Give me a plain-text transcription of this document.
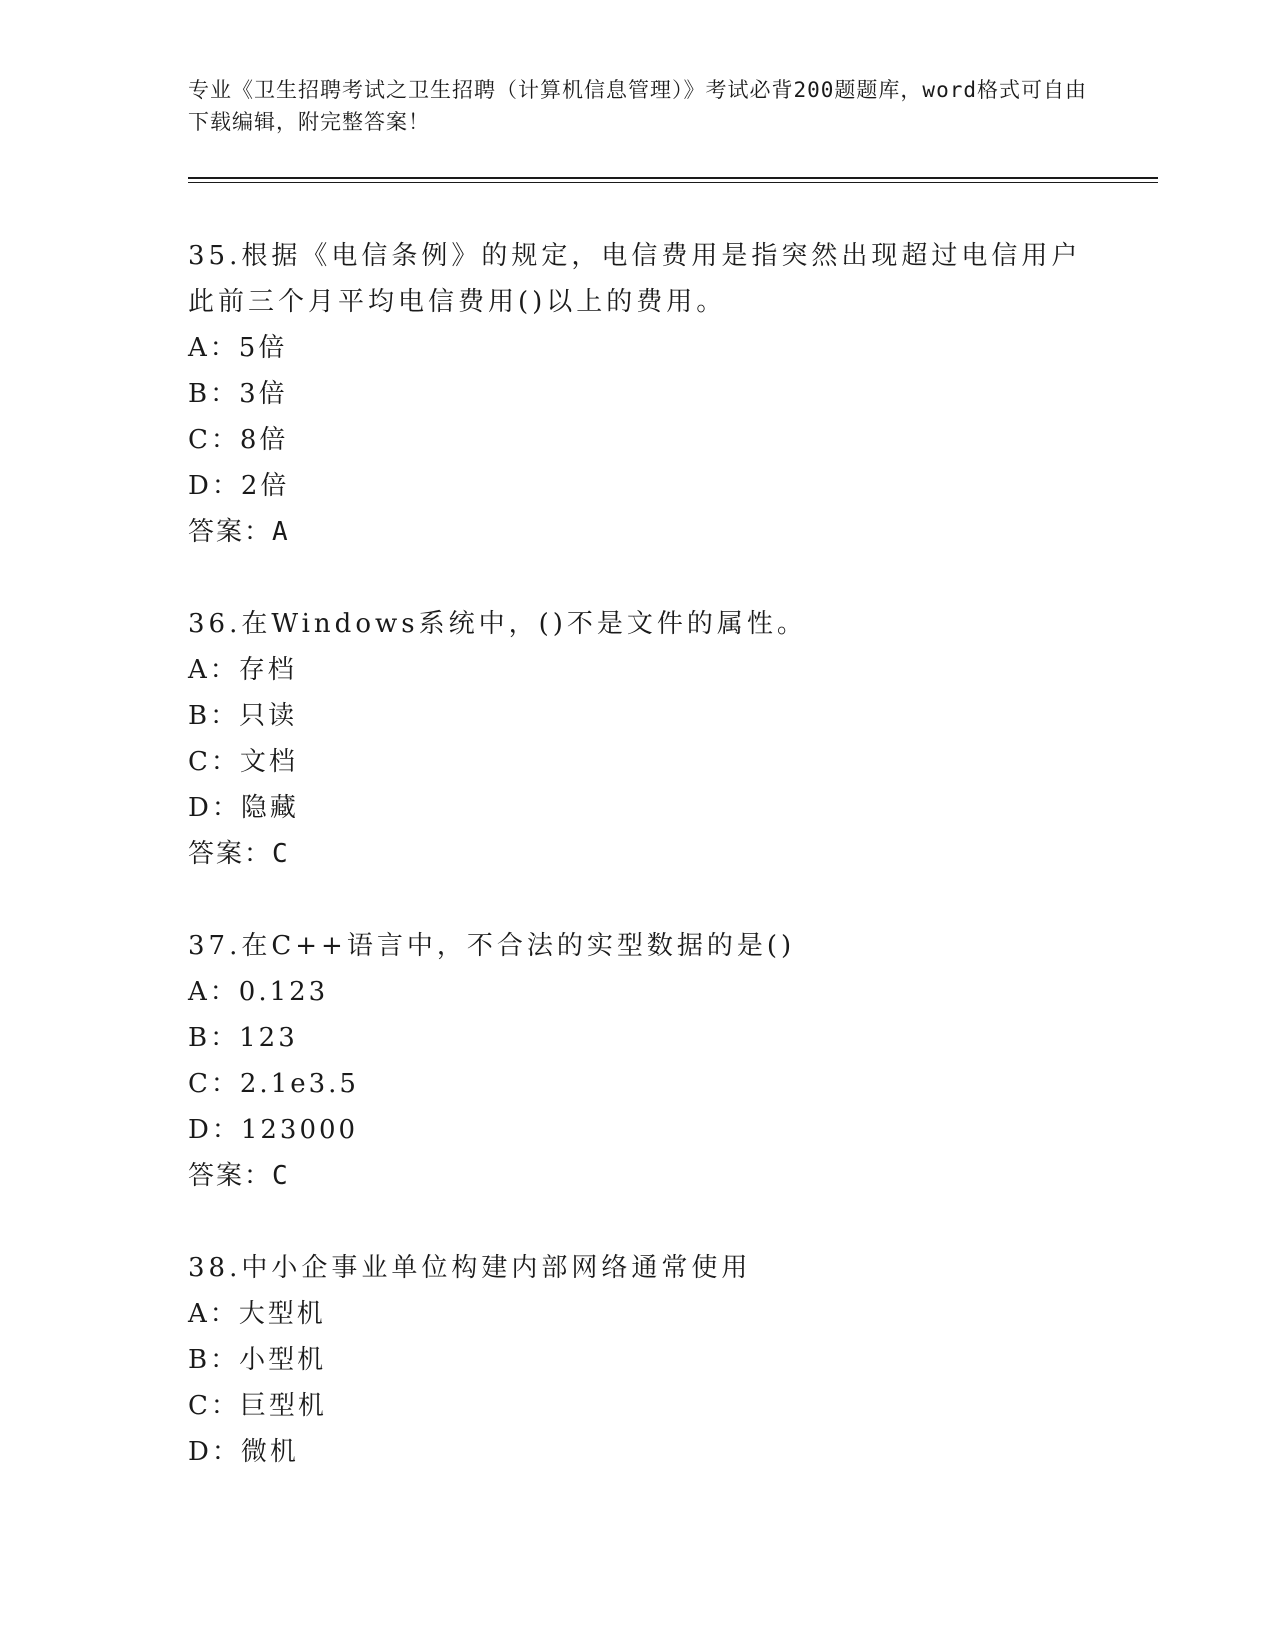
专业《卫生招聘考试之卫生招聘（计算机信息管理）》考试必背200题题库，word格式可自由下载编辑，附完整答案！
35.根据《电信条例》的规定，电信费用是指突然出现超过电信用户此前三个月平均电信费用()以上的费用。
A：5倍
B：3倍
C：8倍
D：2倍
答案：A
36.在Windows系统中，()不是文件的属性。
A：存档
B：只读
C：文档
D：隐藏
答案：C
37.在C++语言中，不合法的实型数据的是()
A：0.123
B：123
C：2.1e3.5
D：123000
答案：C
38.中小企事业单位构建内部网络通常使用
A：大型机
B：小型机
C：巨型机
D：微机
